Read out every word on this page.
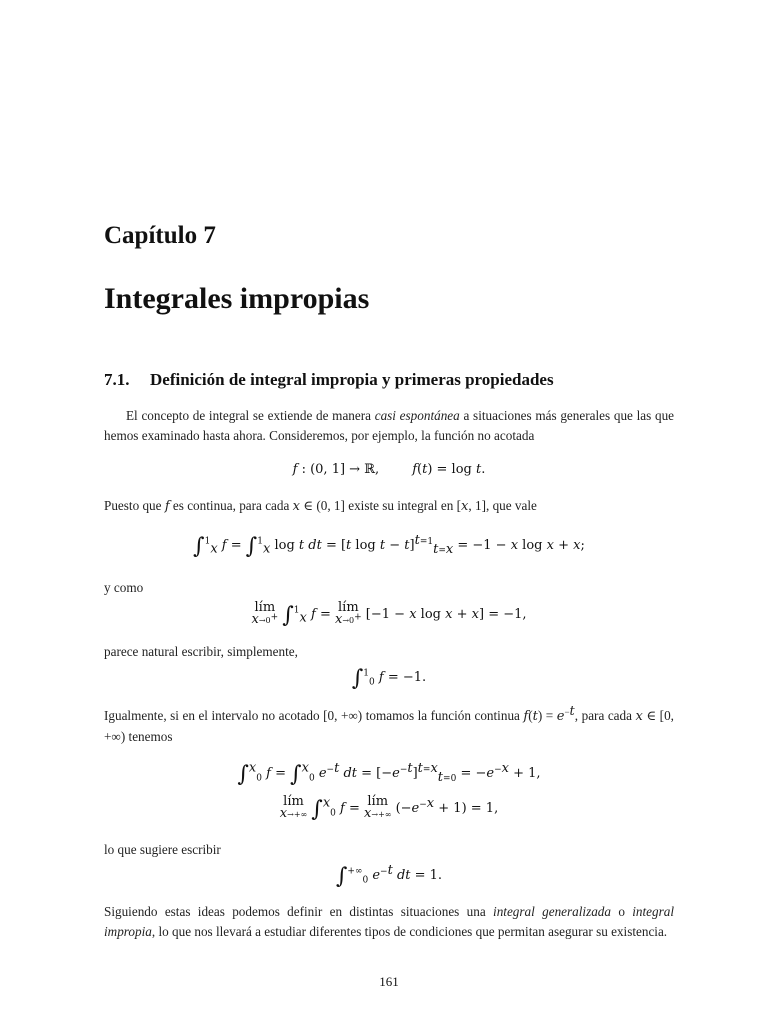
Capítulo 7
Integrales impropias
7.1. Definición de integral impropia y primeras propiedades
El concepto de integral se extiende de manera casi espontánea a situaciones más generales que las que hemos examinado hasta ahora. Consideremos, por ejemplo, la función no acotada
f : (0, 1] → ℝ,        f(t) = log t.
Puesto que f es continua, para cada x ∈ (0, 1] existe su integral en [x, 1], que vale
∫$^1_x$ f = ∫$^1_x$ log t dt = [t log t − t]$^{t=1}_{t=x}$ = −1 − x log x + x;
y como
lím
x→0+ ∫$^1_x$ f = lím
x→0+ [−1 − x log x + x] = −1,
parece natural escribir, simplemente,
∫$^1_0$ f = −1.
Igualmente, si en el intervalo no acotado [0, +∞) tomamos la función continua $f(t) = e^{-t}$, para cada x ∈ [0, +∞) tenemos
∫$^x_0$ f = ∫$^x_0$ $e^{-t}$ dt = $[-e^{-t}]^{t=x}_{t=0} = -e^{-x} + 1$,
lím
x→+∞ ∫$^x_0$ f = lím
x→+∞ $(-e^{-x} + 1) = 1$,
lo que sugiere escribir
$\int^{+\infty}_0$ $e^{-t}$ dt = 1.
Siguiendo estas ideas podemos definir en distintas situaciones una integral generalizada o integral impropia, lo que nos llevará a estudiar diferentes tipos de condiciones que permitan asegurar su existencia.
161
